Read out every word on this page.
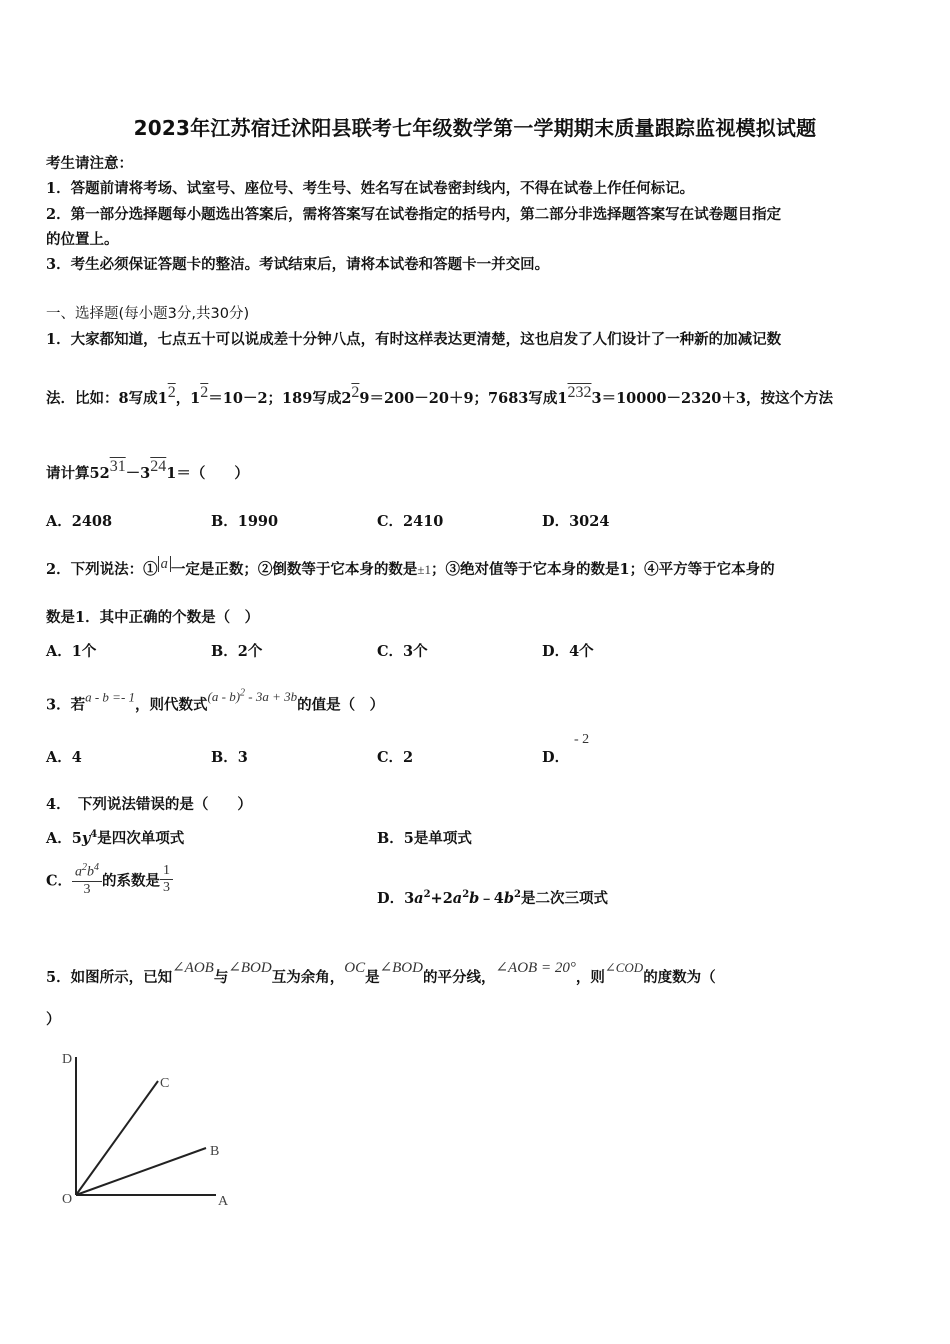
2023年江苏宿迁沭阳县联考七年级数学第一学期期末质量跟踪监视模拟试题
考生请注意：
1．答题前请将考场、试室号、座位号、考生号、姓名写在试卷密封线内，不得在试卷上作任何标记。
2．第一部分选择题每小题选出答案后，需将答案写在试卷指定的括号内，第二部分非选择题答案写在试卷题目指定
的位置上。
3．考生必须保证答题卡的整洁。考试结束后，请将本试卷和答题卡一并交回。
一、选择题(每小题3分,共30分)
1．大家都知道，七点五十可以说成差十分钟八点，有时这样表达更清楚，这也启发了人们设计了一种新的加减记数
法．比如：8写成12，12＝10－2；189写成229＝200－20＋9；7683写成12323＝10000－2320＋3，按这个方法
请计算5231－3241＝（　　）
A．2408	B．1990	C．2410	D．3024
2．下列说法：① a 一定是正数；②倒数等于它本身的数是±1；③绝对值等于它本身的数是1；④平方等于它本身的
数是1．其中正确的个数是（　）
A．1个	B．2个	C．3个	D．4个
3．若a - b =- 1，则代数式(a - b)$^2$ - 3a + 3b的值是（　）
A．4	B．3	C．2	D．
- 2
4．　下列说法错误的是（　　）
A．$5y^4$是四次单项式	B．5是单项式
C． $\frac{a^2b^4}{3}$ 的系数是 $\frac{1}{3}$
D．$3a^2+2a^2b﹣4b^2$是二次三项式
5．如图所示，已知∠AOB与∠BOD互为余角，OC是∠BOD的平分线，∠AOB = 20°，则∠COD的度数为（
）
D
C
B
O	A
